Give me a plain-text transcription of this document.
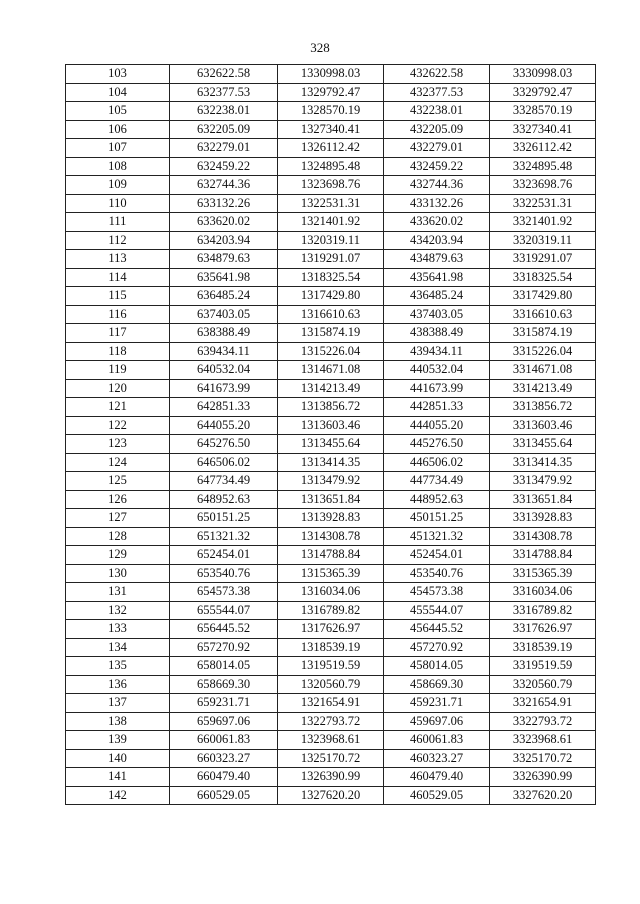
328
103	632622.58	1330998.03	432622.58	3330998.03
104	632377.53	1329792.47	432377.53	3329792.47
105	632238.01	1328570.19	432238.01	3328570.19
106	632205.09	1327340.41	432205.09	3327340.41
107	632279.01	1326112.42	432279.01	3326112.42
108	632459.22	1324895.48	432459.22	3324895.48
109	632744.36	1323698.76	432744.36	3323698.76
110	633132.26	1322531.31	433132.26	3322531.31
111	633620.02	1321401.92	433620.02	3321401.92
112	634203.94	1320319.11	434203.94	3320319.11
113	634879.63	1319291.07	434879.63	3319291.07
114	635641.98	1318325.54	435641.98	3318325.54
115	636485.24	1317429.80	436485.24	3317429.80
116	637403.05	1316610.63	437403.05	3316610.63
117	638388.49	1315874.19	438388.49	3315874.19
118	639434.11	1315226.04	439434.11	3315226.04
119	640532.04	1314671.08	440532.04	3314671.08
120	641673.99	1314213.49	441673.99	3314213.49
121	642851.33	1313856.72	442851.33	3313856.72
122	644055.20	1313603.46	444055.20	3313603.46
123	645276.50	1313455.64	445276.50	3313455.64
124	646506.02	1313414.35	446506.02	3313414.35
125	647734.49	1313479.92	447734.49	3313479.92
126	648952.63	1313651.84	448952.63	3313651.84
127	650151.25	1313928.83	450151.25	3313928.83
128	651321.32	1314308.78	451321.32	3314308.78
129	652454.01	1314788.84	452454.01	3314788.84
130	653540.76	1315365.39	453540.76	3315365.39
131	654573.38	1316034.06	454573.38	3316034.06
132	655544.07	1316789.82	455544.07	3316789.82
133	656445.52	1317626.97	456445.52	3317626.97
134	657270.92	1318539.19	457270.92	3318539.19
135	658014.05	1319519.59	458014.05	3319519.59
136	658669.30	1320560.79	458669.30	3320560.79
137	659231.71	1321654.91	459231.71	3321654.91
138	659697.06	1322793.72	459697.06	3322793.72
139	660061.83	1323968.61	460061.83	3323968.61
140	660323.27	1325170.72	460323.27	3325170.72
141	660479.40	1326390.99	460479.40	3326390.99
142	660529.05	1327620.20	460529.05	3327620.20
